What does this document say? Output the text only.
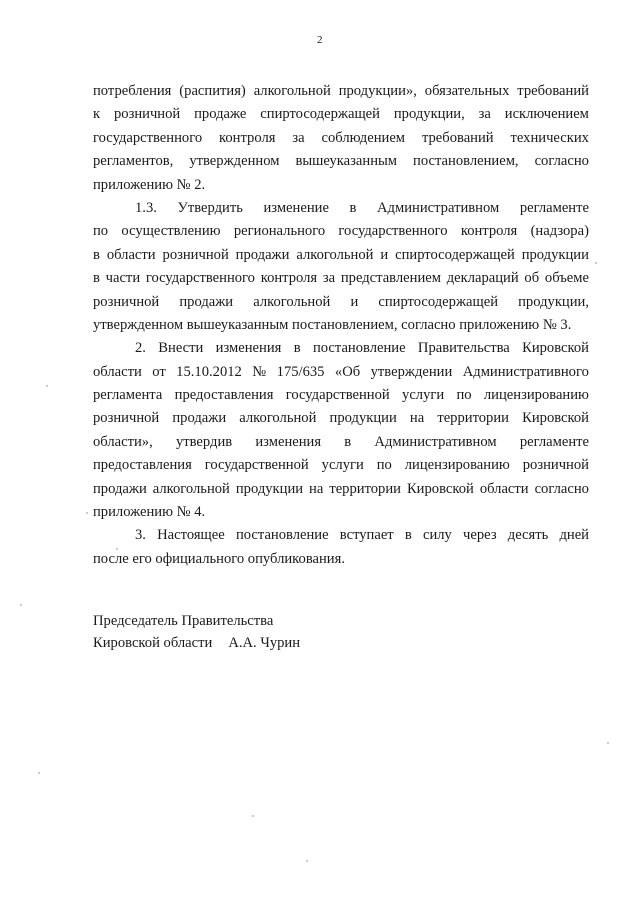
2
потребления (распития) алкогольной продукции», обязательных требований
к розничной продаже спиртосодержащей продукции, за исключением
государственного контроля за соблюдением требований технических
регламентов, утвержденном вышеуказанным постановлением, согласно
приложению № 2.
1.3. Утвердить изменение в Административном регламенте
по осуществлению регионального государственного контроля (надзора)
в области розничной продажи алкогольной и спиртосодержащей продукции
в части государственного контроля за представлением деклараций об объеме
розничной продажи алкогольной и спиртосодержащей продукции,
утвержденном вышеуказанным постановлением, согласно приложению № 3.
2. Внести изменения в постановление Правительства Кировской
области от 15.10.2012 № 175/635 «Об утверждении Административного
регламента предоставления государственной услуги по лицензированию
розничной продажи алкогольной продукции на территории Кировской
области», утвердив изменения в Административном регламенте
предоставления государственной услуги по лицензированию розничной
продажи алкогольной продукции на территории Кировской области согласно
приложению № 4.
3. Настоящее постановление вступает в силу через десять дней
после его официального опубликования.
Председатель Правительства
Кировской области А.А. Чурин
